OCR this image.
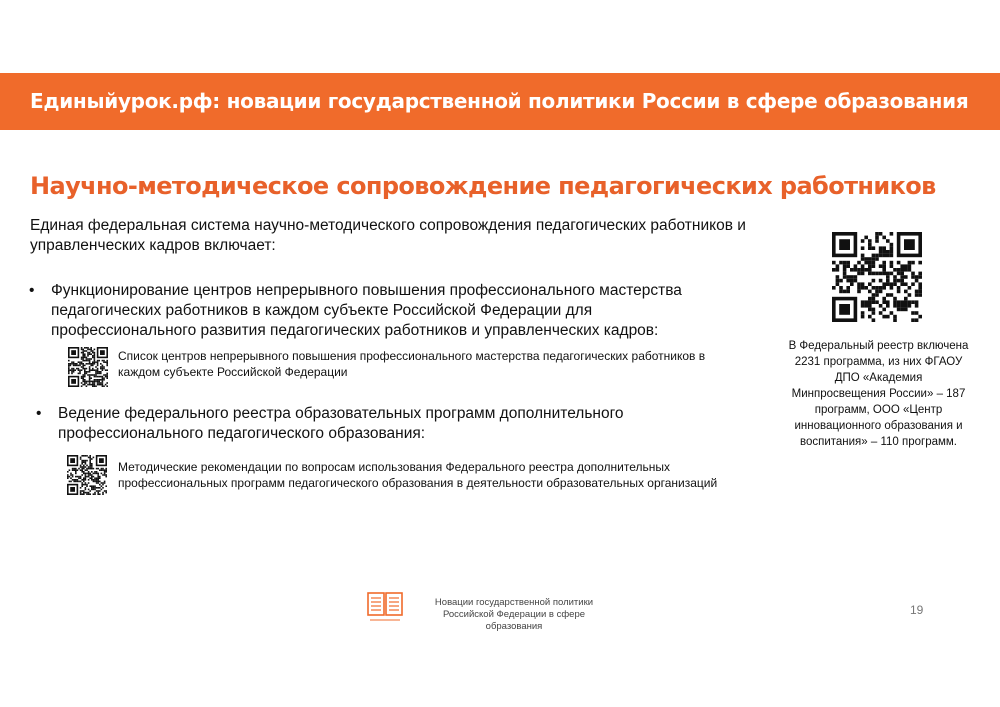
Единыйурок.рф: новации государственной политики России в сфере образования
Научно-методическое сопровождение педагогических работников
Единая федеральная система научно-методического сопровождения педагогических работников и управленческих кадров включает:
• Функционирование центров непрерывного повышения профессионального мастерства педагогических работников в каждом субъекте Российской Федерации для профессионального развития педагогических работников и управленческих кадров:
Список центров непрерывного повышения профессионального мастерства педагогических работников в каждом субъекте Российской Федерации
• Ведение федерального реестра образовательных программ дополнительного профессионального педагогического образования:
Методические рекомендации по вопросам использования Федерального реестра дополнительных профессиональных программ педагогического образования в деятельности образовательных организаций
В Федеральный реестр включена 2231 программа, из них ФГАОУ ДПО «Академия Минпросвещения России» – 187 программ, ООО «Центр инновационного образования и воспитания» – 110 программ.
Новации государственной политики Российской Федерации в сфере образования
19
